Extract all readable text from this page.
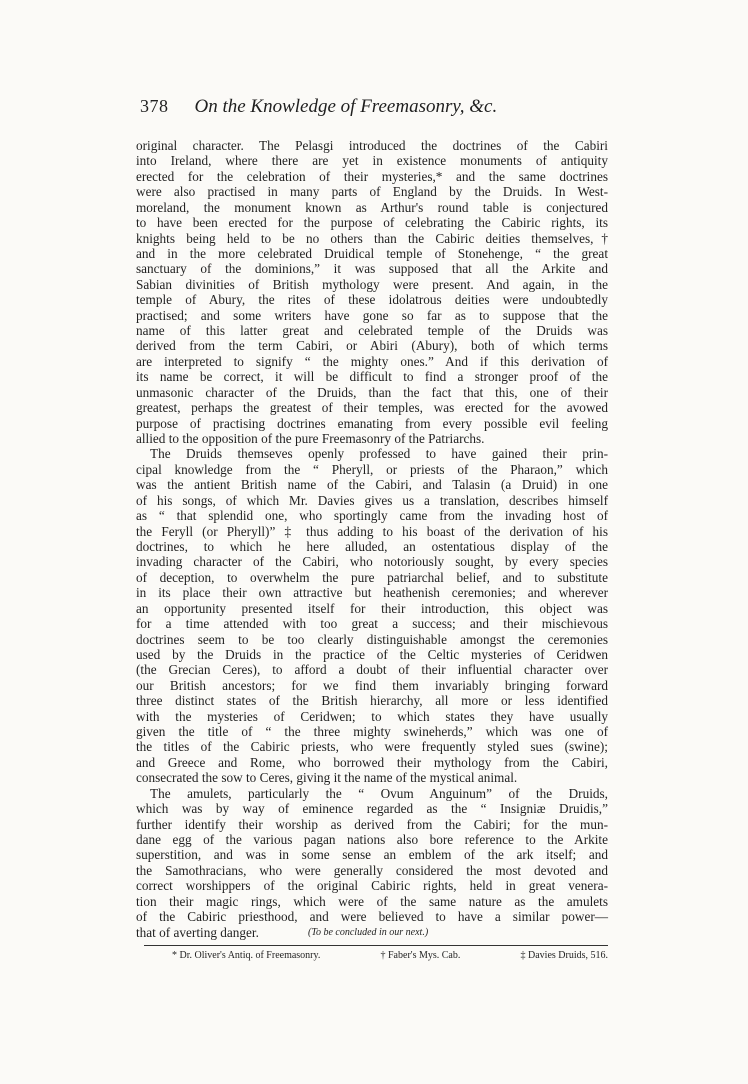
378 On the Knowledge of Freemasonry, &c.
original character. The Pelasgi introduced the doctrines of the Cabiri
into Ireland, where there are yet in existence monuments of antiquity
erected for the celebration of their mysteries,* and the same doctrines
were also practised in many parts of England by the Druids. In West-
moreland, the monument known as Arthur's round table is conjectured
to have been erected for the purpose of celebrating the Cabiric rights, its
knights being held to be no others than the Cabiric deities themselves,†
and in the more celebrated Druidical temple of Stonehenge, “ the great
sanctuary of the dominions,” it was supposed that all the Arkite and
Sabian divinities of British mythology were present. And again, in the
temple of Abury, the rites of these idolatrous deities were undoubtedly
practised; and some writers have gone so far as to suppose that the
name of this latter great and celebrated temple of the Druids was
derived from the term Cabiri, or Abiri (Abury), both of which terms
are interpreted to signify “ the mighty ones.” And if this derivation of
its name be correct, it will be difficult to find a stronger proof of the
unmasonic character of the Druids, than the fact that this, one of their
greatest, perhaps the greatest of their temples, was erected for the avowed
purpose of practising doctrines emanating from every possible evil feeling
allied to the opposition of the pure Freemasonry of the Patriarchs.
The Druids themseves openly professed to have gained their prin-
cipal knowledge from the “ Pheryll, or priests of the Pharaon,” which
was the antient British name of the Cabiri, and Talasin (a Druid) in one
of his songs, of which Mr. Davies gives us a translation, describes himself
as “ that splendid one, who sportingly came from the invading host of
the Feryll (or Pheryll)” ‡ thus adding to his boast of the derivation of his
doctrines, to which he here alluded, an ostentatious display of the
invading character of the Cabiri, who notoriously sought, by every species
of deception, to overwhelm the pure patriarchal belief, and to substitute
in its place their own attractive but heathenish ceremonies; and wherever
an opportunity presented itself for their introduction, this object was
for a time attended with too great a success; and their mischievous
doctrines seem to be too clearly distinguishable amongst the ceremonies
used by the Druids in the practice of the Celtic mysteries of Ceridwen
(the Grecian Ceres), to afford a doubt of their influential character over
our British ancestors; for we find them invariably bringing forward
three distinct states of the British hierarchy, all more or less identified
with the mysteries of Ceridwen; to which states they have usually
given the title of “ the three mighty swineherds,” which was one of
the titles of the Cabiric priests, who were frequently styled sues (swine);
and Greece and Rome, who borrowed their mythology from the Cabiri,
consecrated the sow to Ceres, giving it the name of the mystical animal.
The amulets, particularly the “ Ovum Anguinum” of the Druids,
which was by way of eminence regarded as the “ Insigniæ Druidis,”
further identify their worship as derived from the Cabiri; for the mun-
dane egg of the various pagan nations also bore reference to the Arkite
superstition, and was in some sense an emblem of the ark itself; and
the Samothracians, who were generally considered the most devoted and
correct worshippers of the original Cabiric rights, held in great venera-
tion their magic rings, which were of the same nature as the amulets
of the Cabiric priesthood, and were believed to have a similar power—
that of averting danger.	(To be concluded in our next.)
* Dr. Oliver's Antiq. of Freemasonry.	† Faber's Mys. Cab.	‡ Davies Druids, 516.
